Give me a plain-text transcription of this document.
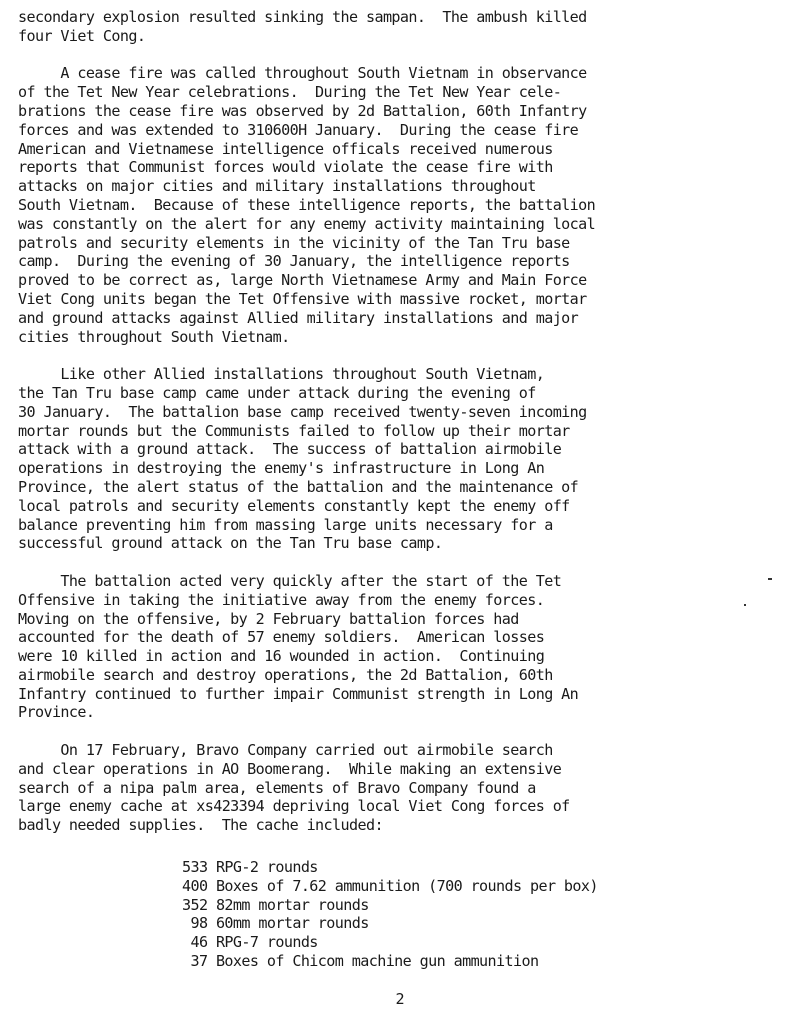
secondary explosion resulted sinking the sampan.  The ambush killed
four Viet Cong.
A cease fire was called throughout South Vietnam in observance
of the Tet New Year celebrations.  During the Tet New Year cele-
brations the cease fire was observed by 2d Battalion, 60th Infantry
forces and was extended to 310600H January.  During the cease fire
American and Vietnamese intelligence officals received numerous
reports that Communist forces would violate the cease fire with
attacks on major cities and military installations throughout
South Vietnam.  Because of these intelligence reports, the battalion
was constantly on the alert for any enemy activity maintaining local
patrols and security elements in the vicinity of the Tan Tru base
camp.  During the evening of 30 January, the intelligence reports
proved to be correct as, large North Vietnamese Army and Main Force
Viet Cong units began the Tet Offensive with massive rocket, mortar
and ground attacks against Allied military installations and major
cities throughout South Vietnam.
Like other Allied installations throughout South Vietnam,
the Tan Tru base camp came under attack during the evening of
30 January.  The battalion base camp received twenty-seven incoming
mortar rounds but the Communists failed to follow up their mortar
attack with a ground attack.  The success of battalion airmobile
operations in destroying the enemy's infrastructure in Long An
Province, the alert status of the battalion and the maintenance of
local patrols and security elements constantly kept the enemy off
balance preventing him from massing large units necessary for a
successful ground attack on the Tan Tru base camp.
The battalion acted very quickly after the start of the Tet
Offensive in taking the initiative away from the enemy forces.
Moving on the offensive, by 2 February battalion forces had
accounted for the death of 57 enemy soldiers.  American losses
were 10 killed in action and 16 wounded in action.  Continuing
airmobile search and destroy operations, the 2d Battalion, 60th
Infantry continued to further impair Communist strength in Long An
Province.
On 17 February, Bravo Company carried out airmobile search
and clear operations in AO Boomerang.  While making an extensive
search of a nipa palm area, elements of Bravo Company found a
large enemy cache at xs423394 depriving local Viet Cong forces of
badly needed supplies.  The cache included:
533 RPG-2 rounds
400 Boxes of 7.62 ammunition (700 rounds per box)
352 82mm mortar rounds
98 60mm mortar rounds
46 RPG-7 rounds
37 Boxes of Chicom machine gun ammunition
2
